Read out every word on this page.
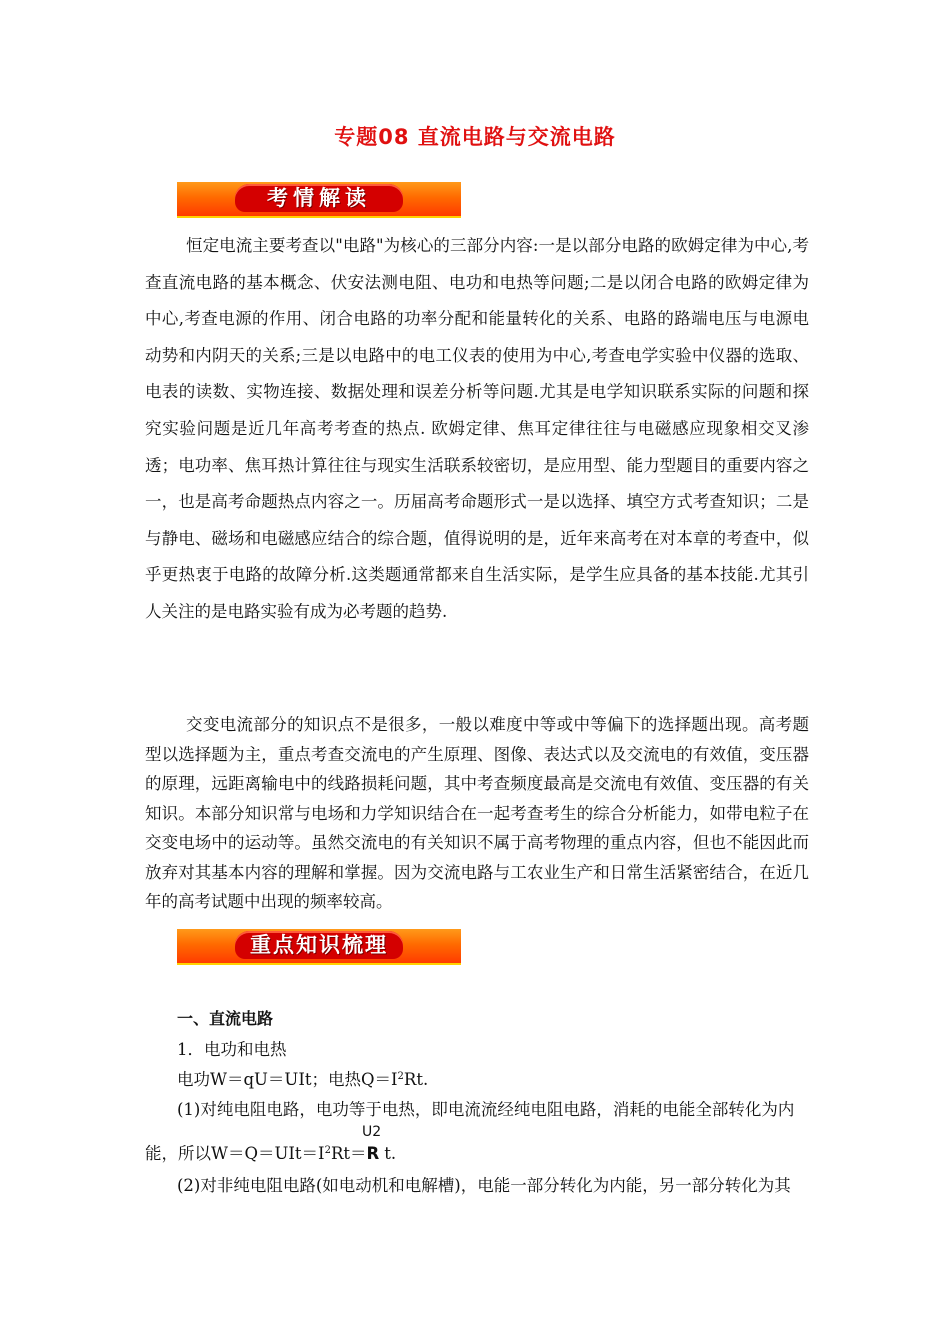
专题08 直流电路与交流电路
考情解读
恒定电流主要考查以"电路"为核心的三部分内容:一是以部分电路的欧姆定律为中心,考查直流电路的基本概念、伏安法测电阻、电功和电热等问题;二是以闭合电路的欧姆定律为中心,考查电源的作用、闭合电路的功率分配和能量转化的关系、电路的路端电压与电源电动势和内阴天的关系;三是以电路中的电工仪表的使用为中心,考查电学实验中仪器的选取、电表的读数、实物连接、数据处理和误差分析等问题.尤其是电学知识联系实际的问题和探究实验问题是近几年高考考查的热点. 欧姆定律、焦耳定律往往与电磁感应现象相交叉渗透；电功率、焦耳热计算往往与现实生活联系较密切，是应用型、能力型题目的重要内容之一，也是高考命题热点内容之一。历届高考命题形式一是以选择、填空方式考查知识；二是与静电、磁场和电磁感应结合的综合题，值得说明的是，近年来高考在对本章的考查中，似乎更热衷于电路的故障分析.这类题通常都来自生活实际，是学生应具备的基本技能.尤其引人关注的是电路实验有成为必考题的趋势.
交变电流部分的知识点不是很多，一般以难度中等或中等偏下的选择题出现。高考题型以选择题为主，重点考查交流电的产生原理、图像、表达式以及交流电的有效值，变压器的原理，远距离输电中的线路损耗问题，其中考查频度最高是交流电有效值、变压器的有关知识。本部分知识常与电场和力学知识结合在一起考查考生的综合分析能力，如带电粒子在交变电场中的运动等。虽然交流电的有关知识不属于高考物理的重点内容，但也不能因此而放弃对其基本内容的理解和掌握。因为交流电路与工农业生产和日常生活紧密结合，在近几年的高考试题中出现的频率较高。
重点知识梳理
一、直流电路
1．电功和电热
电功W＝qU＝UIt；电热$Q=I^2Rt$.
(1)对纯电阻电路，电功等于电热，即电流流经纯电阻电路，消耗的电能全部转化为内
U2
能，所以$W=Q=UIt=I^2Rt=R$ t.
(2)对非纯电阻电路(如电动机和电解槽)，电能一部分转化为内能，另一部分转化为其
